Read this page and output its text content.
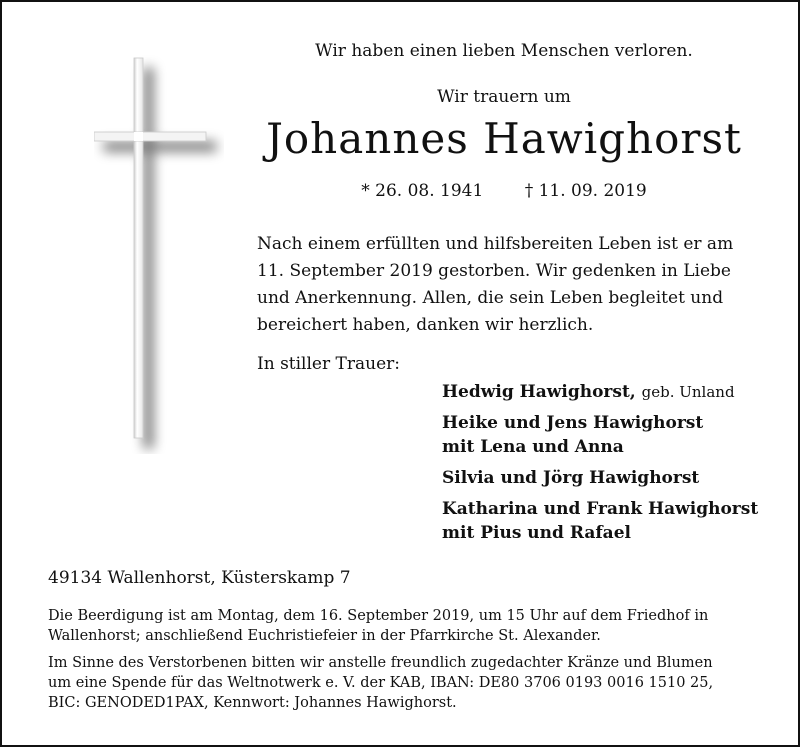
Wir haben einen lieben Menschen verloren.
Wir trauern um
Johannes Hawighorst
* 26. 08. 1941 † 11. 09. 2019
Nach einem erfüllten und hilfsbereiten Leben ist er am
11. September 2019 gestorben. Wir gedenken in Liebe
und Anerkennung. Allen, die sein Leben begleitet und
bereichert haben, danken wir herzlich.
In stiller Trauer:
Hedwig Hawighorst, geb. Unland
Heike und Jens Hawighorst
mit Lena und Anna
Silvia und Jörg Hawighorst
Katharina und Frank Hawighorst
mit Pius und Rafael
49134 Wallenhorst, Küsterskamp 7
Die Beerdigung ist am Montag, dem 16. September 2019, um 15 Uhr auf dem Friedhof in
Wallenhorst; anschließend Euchristiefeier in der Pfarrkirche St. Alexander.
Im Sinne des Verstorbenen bitten wir anstelle freundlich zugedachter Kränze und Blumen
um eine Spende für das Weltnotwerk e. V. der KAB, IBAN: DE80 3706 0193 0016 1510 25,
BIC: GENODED1PAX, Kennwort: Johannes Hawighorst.
